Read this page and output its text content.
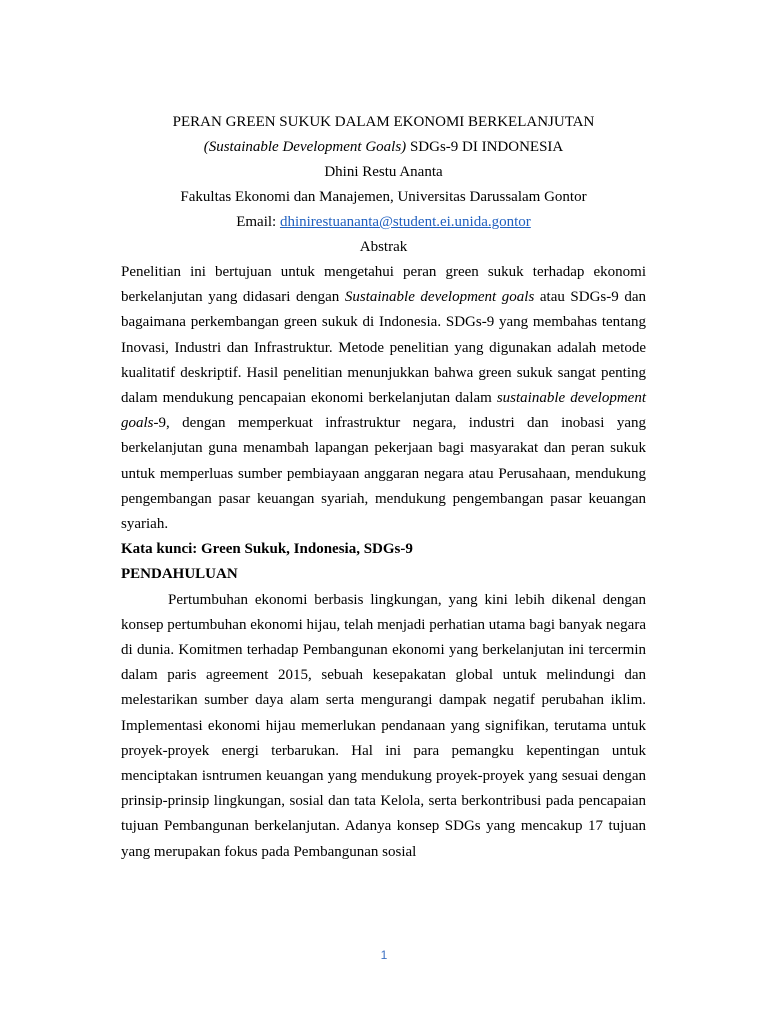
PERAN GREEN SUKUK DALAM EKONOMI BERKELANJUTAN

(Sustainable Development Goals) SDGs-9 DI INDONESIA

Dhini Restu Ananta

Fakultas Ekonomi dan Manajemen, Universitas Darussalam Gontor

Email: dhinirestuananta@student.ei.unida.gontor

Abstrak

Penelitian ini bertujuan untuk mengetahui peran green sukuk terhadap ekonomi berkelanjutan yang didasari dengan Sustainable development goals atau SDGs-9 dan bagaimana perkembangan green sukuk di Indonesia. SDGs-9 yang membahas tentang Inovasi, Industri dan Infrastruktur. Metode penelitian yang digunakan adalah metode kualitatif deskriptif. Hasil penelitian menunjukkan bahwa green sukuk sangat penting dalam mendukung pencapaian ekonomi berkelanjutan dalam sustainable development goals-9, dengan memperkuat infrastruktur negara, industri dan inobasi yang berkelanjutan guna menambah lapangan pekerjaan bagi masyarakat dan peran sukuk untuk memperluas sumber pembiayaan anggaran negara atau Perusahaan, mendukung pengembangan pasar keuangan syariah, mendukung pengembangan pasar keuangan syariah.

Kata kunci: Green Sukuk, Indonesia, SDGs-9

PENDAHULUAN

Pertumbuhan ekonomi berbasis lingkungan, yang kini lebih dikenal dengan konsep pertumbuhan ekonomi hijau, telah menjadi perhatian utama bagi banyak negara di dunia. Komitmen terhadap Pembangunan ekonomi yang berkelanjutan ini tercermin dalam paris agreement 2015, sebuah kesepakatan global untuk melindungi dan melestarikan sumber daya alam serta mengurangi dampak negatif perubahan iklim. Implementasi ekonomi hijau memerlukan pendanaan yang signifikan, terutama untuk proyek-proyek energi terbarukan. Hal ini para pemangku kepentingan untuk menciptakan isntrumen keuangan yang mendukung proyek-proyek yang sesuai dengan prinsip-prinsip lingkungan, sosial dan tata Kelola, serta berkontribusi pada pencapaian tujuan Pembangunan berkelanjutan. Adanya konsep SDGs yang mencakup 17 tujuan yang merupakan fokus pada Pembangunan sosial

1
